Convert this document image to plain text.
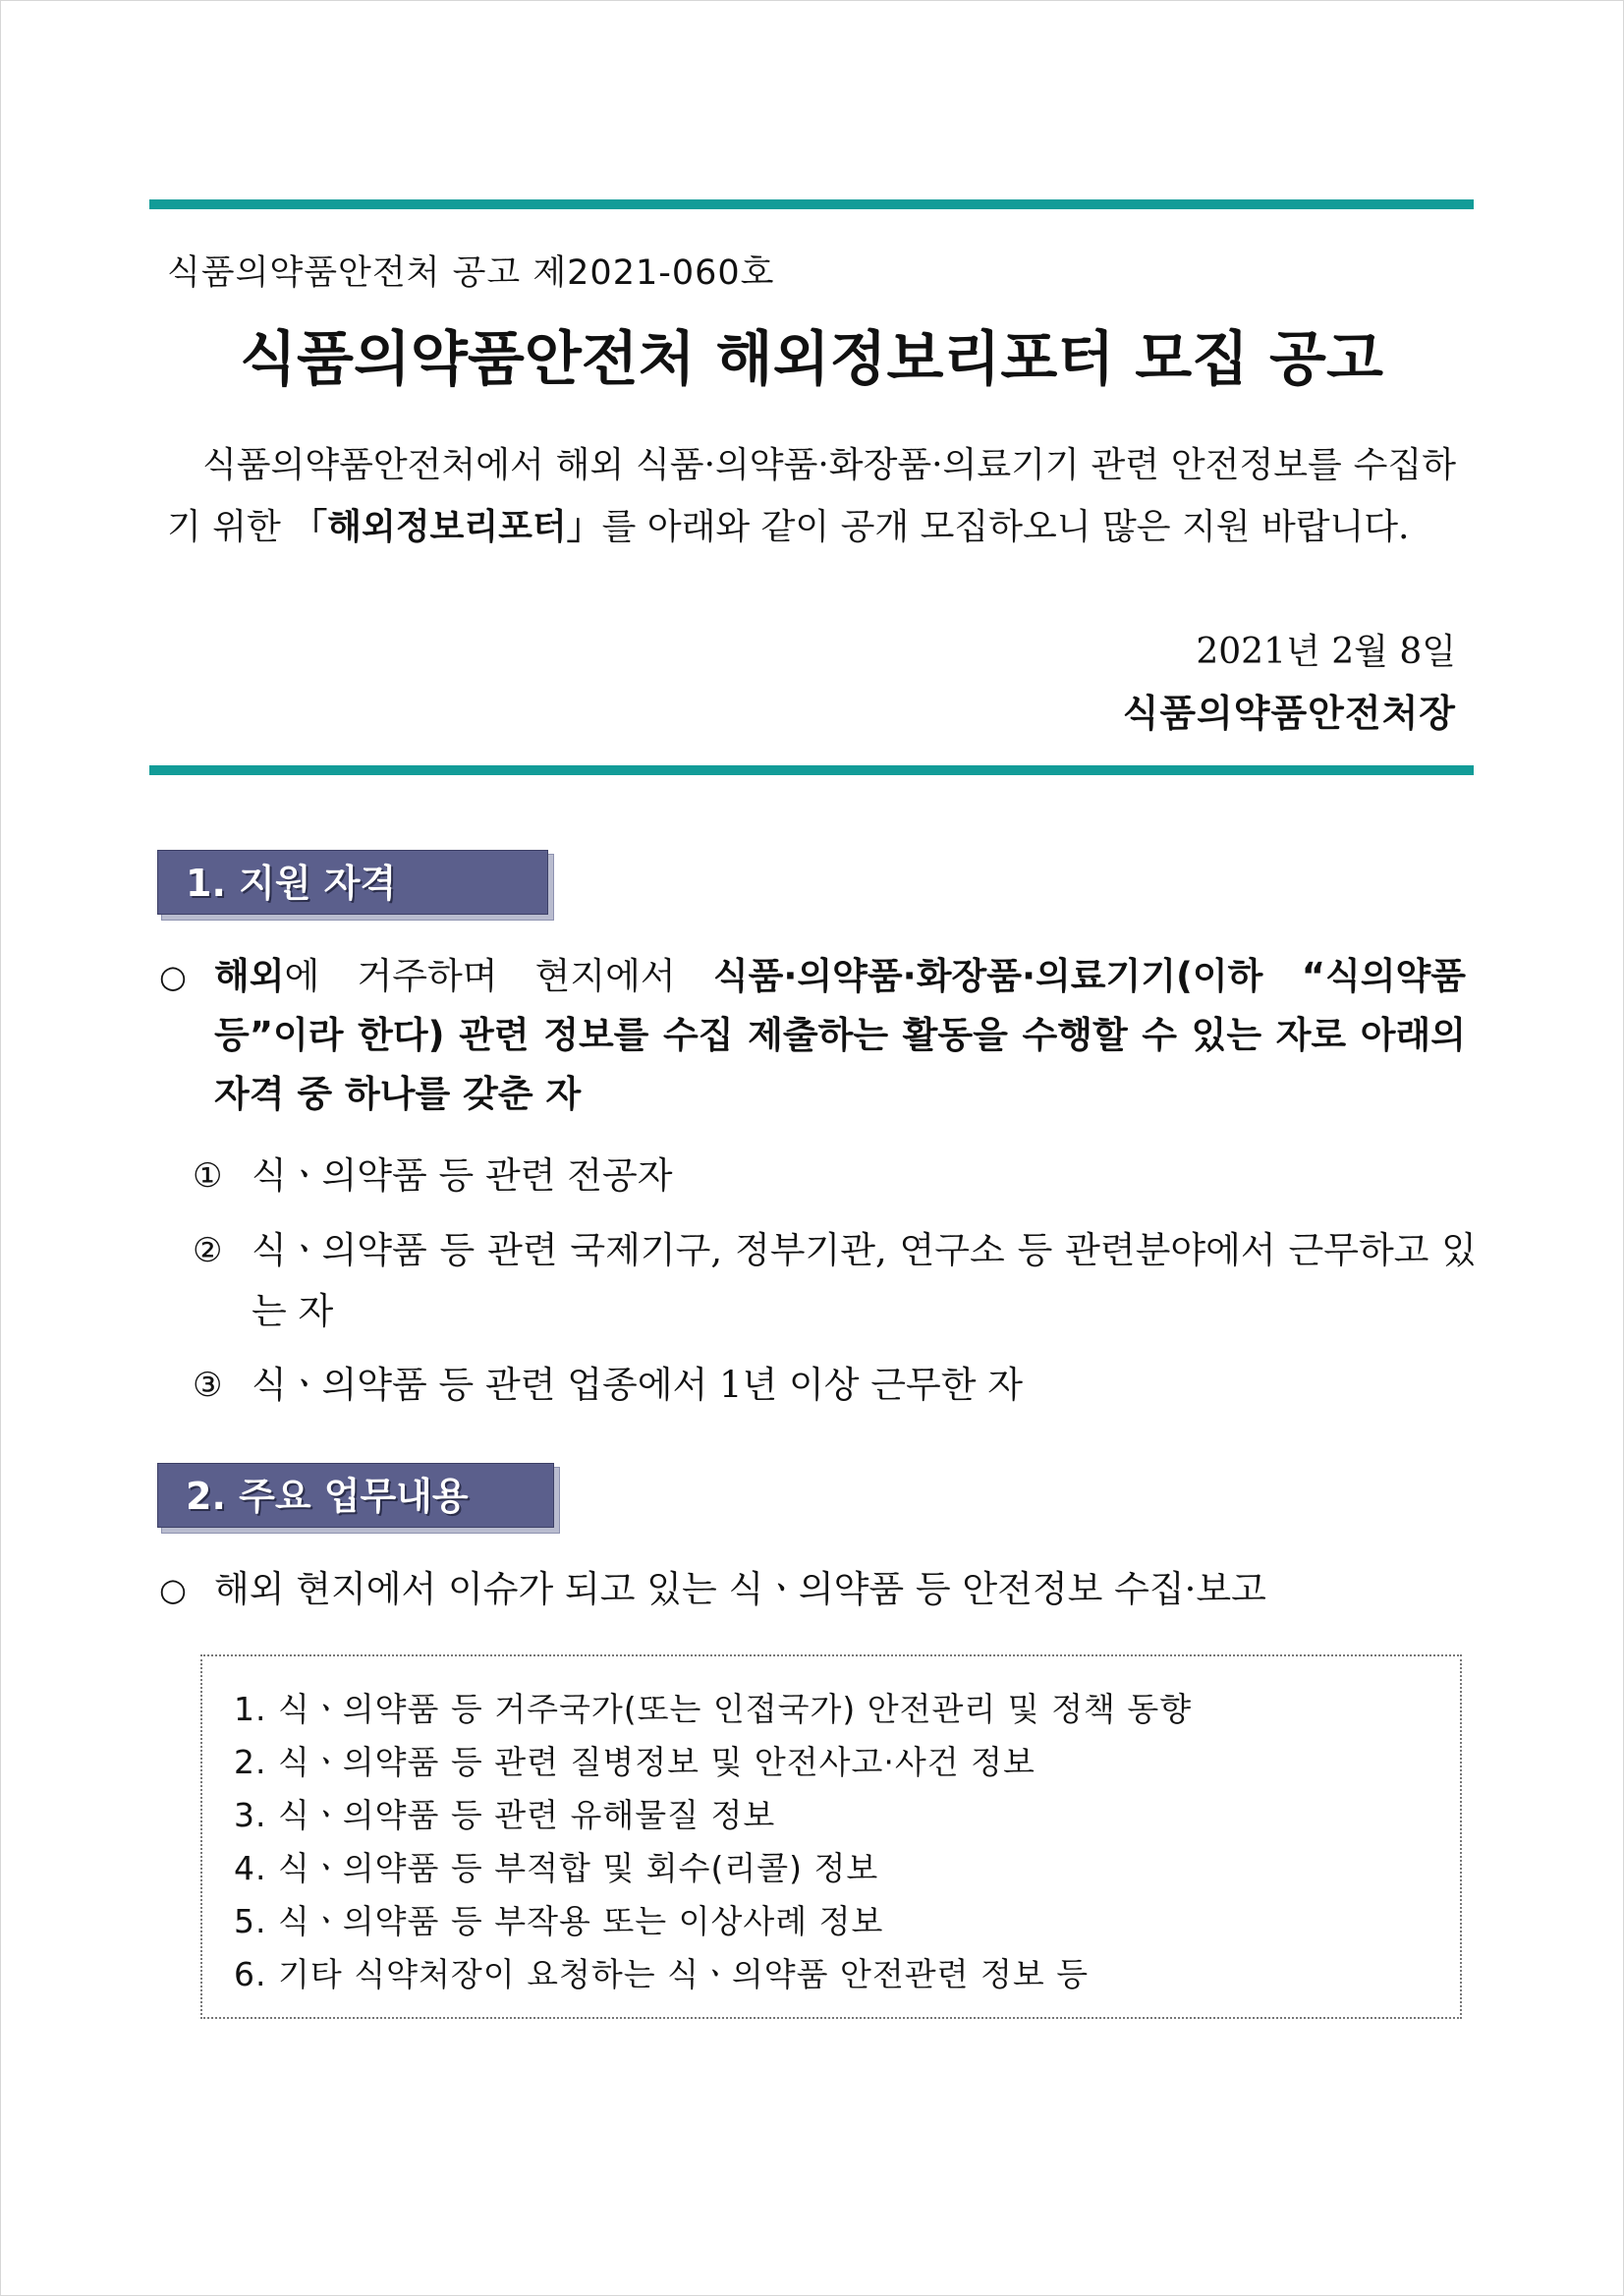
식품의약품안전처 공고 제2021-060호
식품의약품안전처 해외정보리포터 모집 공고
식품의약품안전처에서 해외 식품·의약품·화장품·의료기기 관련 안전정보를 수집하기 위한 「해외정보리포터」를 아래와 같이 공개 모집하오니 많은 지원 바랍니다.
2021년 2월 8일
식품의약품안전처장
1. 지원 자격
○ 해외에 거주하며 현지에서 식품·의약품·화장품·의료기기(이하 “식의약품 등”이라 한다) 관련 정보를 수집 제출하는 활동을 수행할 수 있는 자로 아래의 자격 중 하나를 갖춘 자
① 식ㆍ의약품 등 관련 전공자
② 식ㆍ의약품 등 관련 국제기구, 정부기관, 연구소 등 관련분야에서 근무하고 있는 자
③ 식ㆍ의약품 등 관련 업종에서 1년 이상 근무한 자
2. 주요 업무내용
○ 해외 현지에서 이슈가 되고 있는 식ㆍ의약품 등 안전정보 수집·보고
1. 식ㆍ의약품 등 거주국가(또는 인접국가) 안전관리 및 정책 동향
2. 식ㆍ의약품 등 관련 질병정보 및 안전사고·사건 정보
3. 식ㆍ의약품 등 관련 유해물질 정보
4. 식ㆍ의약품 등 부적합 및 회수(리콜) 정보
5. 식ㆍ의약품 등 부작용 또는 이상사례 정보
6. 기타 식약처장이 요청하는 식ㆍ의약품 안전관련 정보 등
